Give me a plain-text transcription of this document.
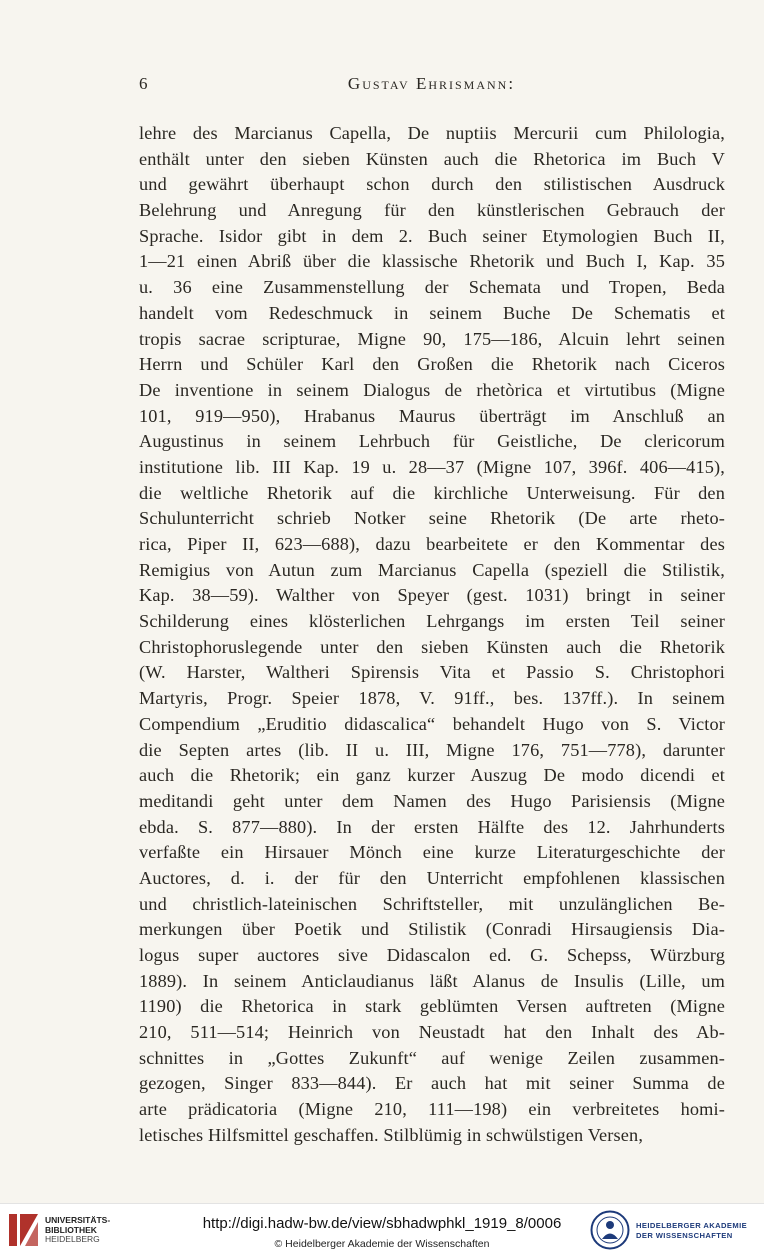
6	Gustav Ehrismann:
lehre des Marcianus Capella, De nuptiis Mercurii cum Philologia,
enthält unter den sieben Künsten auch die Rhetorica im Buch V
und gewährt überhaupt schon durch den stilistischen Ausdruck
Belehrung und Anregung für den künstlerischen Gebrauch der
Sprache. Isidor gibt in dem 2. Buch seiner Etymologien Buch II,
1—21 einen Abriß über die klassische Rhetorik und Buch I, Kap. 35
u. 36 eine Zusammenstellung der Schemata und Tropen, Beda
handelt vom Redeschmuck in seinem Buche De Schematis et
tropis sacrae scripturae, Migne 90, 175—186, Alcuin lehrt seinen
Herrn und Schüler Karl den Großen die Rhetorik nach Ciceros
De inventione in seinem Dialogus de rhetòrica et virtutibus (Migne
101, 919—950), Hrabanus Maurus überträgt im Anschluß an
Augustinus in seinem Lehrbuch für Geistliche, De clericorum
institutione lib. III Kap. 19 u. 28—37 (Migne 107, 396f. 406—415),
die weltliche Rhetorik auf die kirchliche Unterweisung. Für den
Schulunterricht schrieb Notker seine Rhetorik (De arte rheto-
rica, Piper II, 623—688), dazu bearbeitete er den Kommentar des
Remigius von Autun zum Marcianus Capella (speziell die Stilistik,
Kap. 38—59). Walther von Speyer (gest. 1031) bringt in seiner
Schilderung eines klösterlichen Lehrgangs im ersten Teil seiner
Christophoruslegende unter den sieben Künsten auch die Rhetorik
(W. Harster, Waltheri Spirensis Vita et Passio S. Christophori
Martyris, Progr. Speier 1878, V. 91ff., bes. 137ff.). In seinem
Compendium „Eruditio didascalica“ behandelt Hugo von S. Victor
die Septen artes (lib. II u. III, Migne 176, 751—778), darunter
auch die Rhetorik; ein ganz kurzer Auszug De modo dicendi et
meditandi geht unter dem Namen des Hugo Parisiensis (Migne
ebda. S. 877—880). In der ersten Hälfte des 12. Jahrhunderts
verfaßte ein Hirsauer Mönch eine kurze Literaturgeschichte der
Auctores, d. i. der für den Unterricht empfohlenen klassischen
und christlich-lateinischen Schriftsteller, mit unzulänglichen Be-
merkungen über Poetik und Stilistik (Conradi Hirsaugiensis Dia-
logus super auctores sive Didascalon ed. G. Schepss, Würzburg
1889). In seinem Anticlaudianus läßt Alanus de Insulis (Lille, um
1190) die Rhetorica in stark geblümten Versen auftreten (Migne
210, 511—514; Heinrich von Neustadt hat den Inhalt des Ab-
schnittes in „Gottes Zukunft“ auf wenige Zeilen zusammen-
gezogen, Singer 833—844). Er auch hat mit seiner Summa de
arte prädicatoria (Migne 210, 111—198) ein verbreitetes homi-
letisches Hilfsmittel geschaffen. Stilblümig in schwülstigen Versen,
UNIVERSITÄTS-
BIBLIOTHEK
HEIDELBERG
http://digi.hadw-bw.de/view/sbhadwphkl_1919_8/0006
© Heidelberger Akademie der Wissenschaften
HEIDELBERGER AKADEMIE
DER WISSENSCHAFTEN
